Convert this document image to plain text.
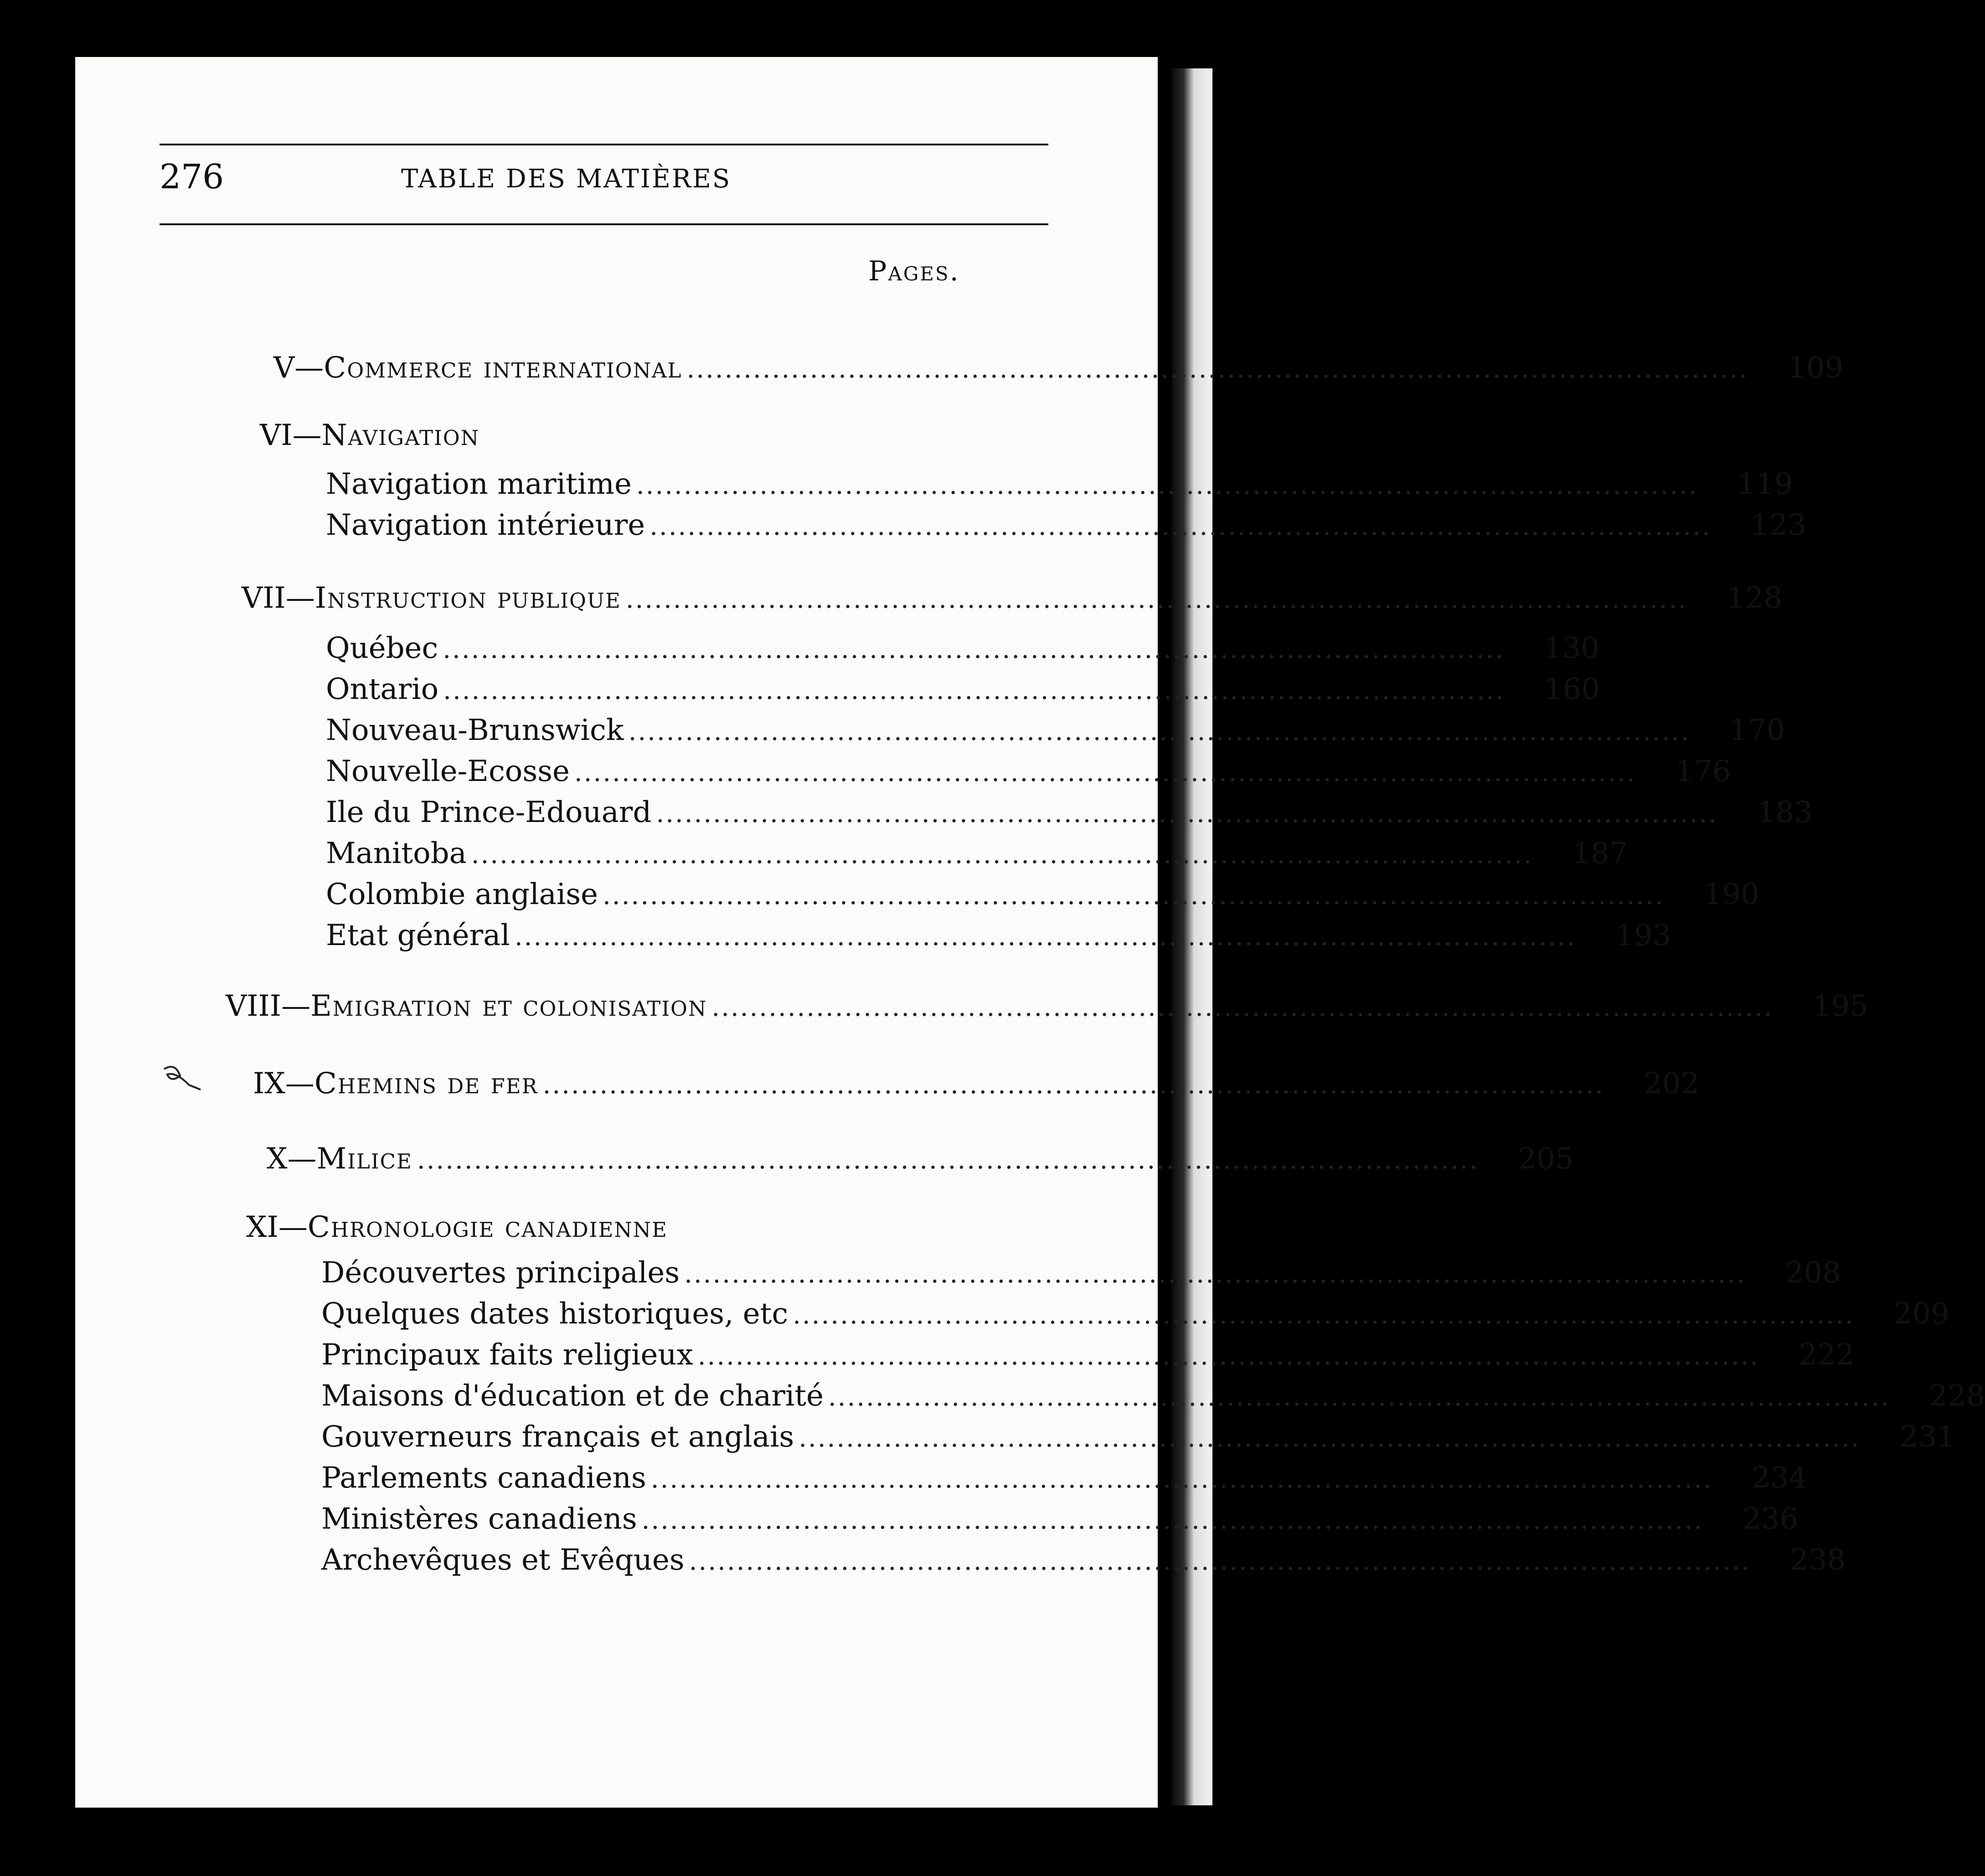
276	TABLE DES MATIÈRES
Pages.
V— Commerce international ................................................................................................................	109
VI— Navigation
Navigation maritime ................................................................................................................	119
Navigation intérieure ................................................................................................................	123
VII— Instruction publique ................................................................................................................	128
Québec ................................................................................................................	130
Ontario ................................................................................................................	160
Nouveau-Brunswick ................................................................................................................	170
Nouvelle-Ecosse ................................................................................................................	176
Ile du Prince-Edouard ................................................................................................................	183
Manitoba ................................................................................................................	187
Colombie anglaise ................................................................................................................	190
Etat général ................................................................................................................	193
VIII— Emigration et colonisation ................................................................................................................	195
IX— Chemins de fer ................................................................................................................	202
X— Milice ................................................................................................................	205
XI— Chronologie canadienne
Découvertes principales ................................................................................................................	208
Quelques dates historiques, etc ................................................................................................................	209
Principaux faits religieux ................................................................................................................	222
Maisons d'éducation et de charité ................................................................................................................	228
Gouverneurs français et anglais ................................................................................................................	231
Parlements canadiens ................................................................................................................	234
Ministères canadiens ................................................................................................................	236
Archevêques et Evêques ................................................................................................................	238
